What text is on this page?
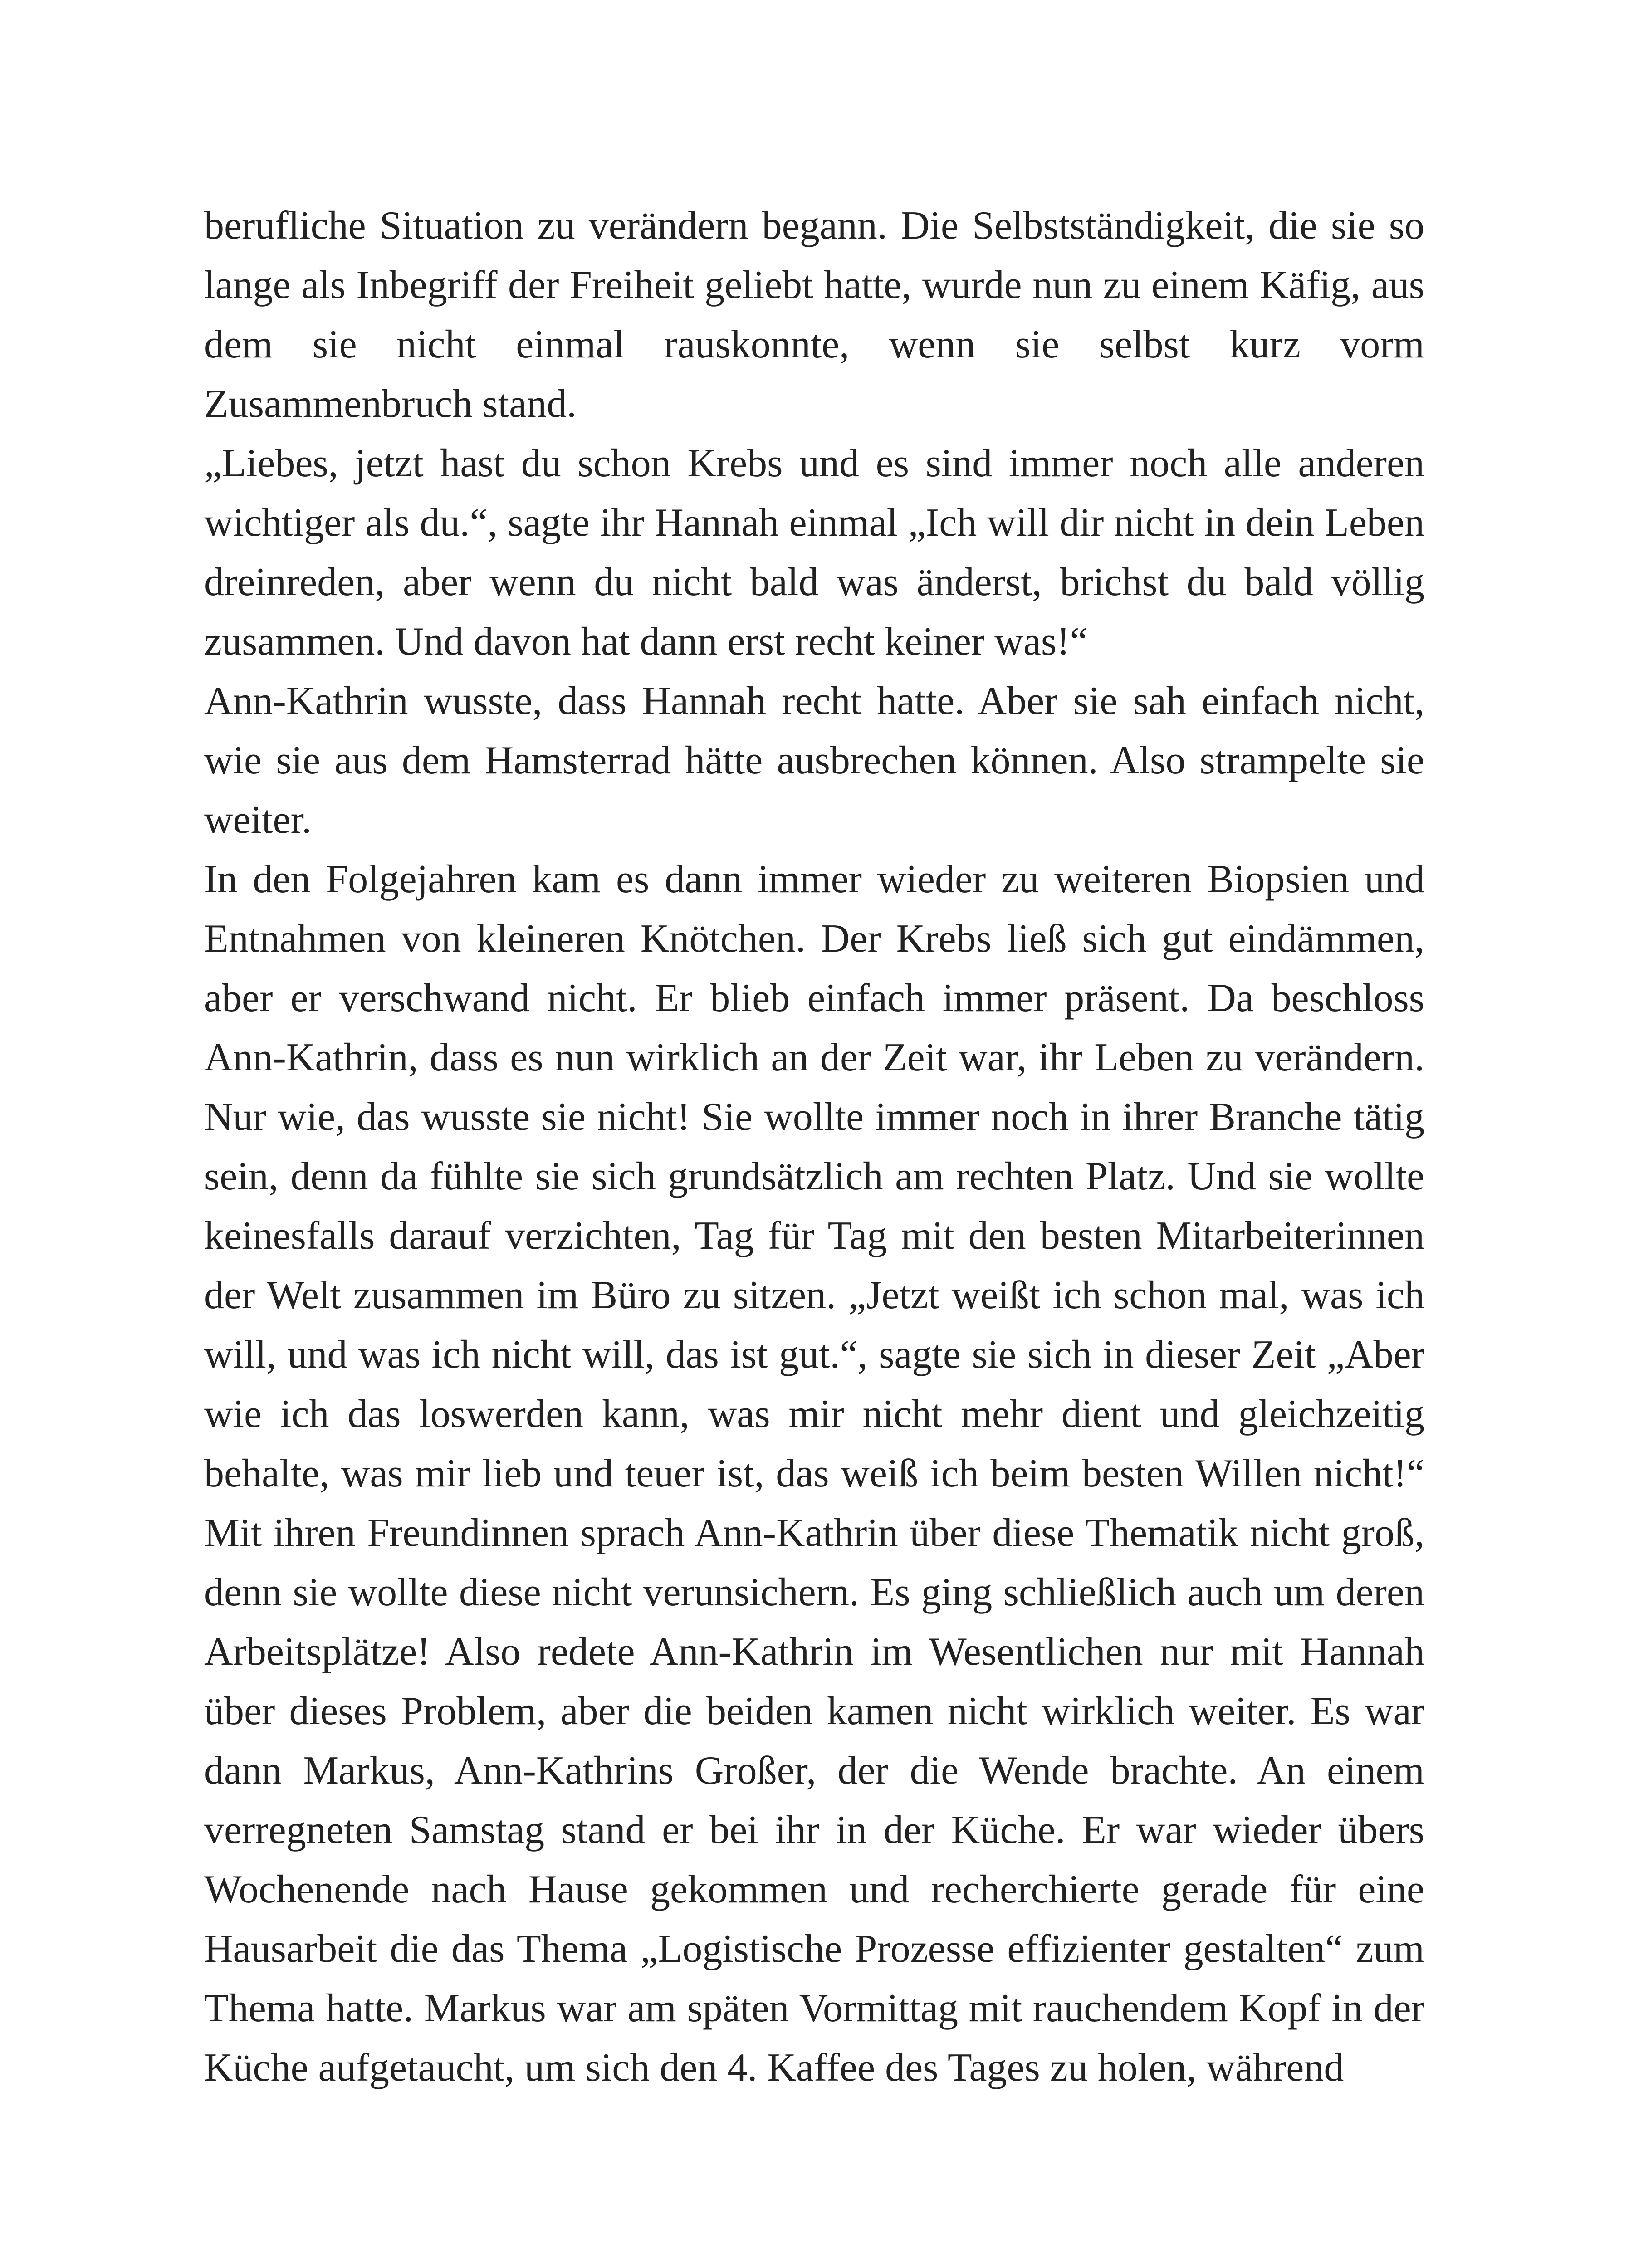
berufliche Situation zu verändern begann. Die Selbstständigkeit, die sie so lange als Inbegriff der Freiheit geliebt hatte, wurde nun zu einem Käfig, aus dem sie nicht einmal rauskonnte, wenn sie selbst kurz vorm Zusammenbruch stand.

„Liebes, jetzt hast du schon Krebs und es sind immer noch alle anderen wichtiger als du.“, sagte ihr Hannah einmal „Ich will dir nicht in dein Leben dreinreden, aber wenn du nicht bald was änderst, brichst du bald völlig zusammen. Und davon hat dann erst recht keiner was!“

Ann-Kathrin wusste, dass Hannah recht hatte. Aber sie sah einfach nicht, wie sie aus dem Hamsterrad hätte ausbrechen können. Also strampelte sie weiter.

In den Folgejahren kam es dann immer wieder zu weiteren Biopsien und Entnahmen von kleineren Knötchen. Der Krebs ließ sich gut eindämmen, aber er verschwand nicht. Er blieb einfach immer präsent. Da beschloss Ann-Kathrin, dass es nun wirklich an der Zeit war, ihr Leben zu verändern. Nur wie, das wusste sie nicht! Sie wollte immer noch in ihrer Branche tätig sein, denn da fühlte sie sich grundsätzlich am rechten Platz. Und sie wollte keinesfalls darauf verzichten, Tag für Tag mit den besten Mitarbeiterinnen der Welt zusammen im Büro zu sitzen. „Jetzt weißt ich schon mal, was ich will, und was ich nicht will, das ist gut.“, sagte sie sich in dieser Zeit „Aber wie ich das loswerden kann, was mir nicht mehr dient und gleichzeitig behalte, was mir lieb und teuer ist, das weiß ich beim besten Willen nicht!“ Mit ihren Freundinnen sprach Ann-Kathrin über diese Thematik nicht groß, denn sie wollte diese nicht verunsichern. Es ging schließlich auch um deren Arbeitsplätze! Also redete Ann-Kathrin im Wesentlichen nur mit Hannah über dieses Problem, aber die beiden kamen nicht wirklich weiter. Es war dann Markus, Ann-Kathrins Großer, der die Wende brachte. An einem verregneten Samstag stand er bei ihr in der Küche. Er war wieder übers Wochenende nach Hause gekommen und recherchierte gerade für eine Hausarbeit die das Thema „Logistische Prozesse effizienter gestalten“ zum Thema hatte. Markus war am späten Vormittag mit rauchendem Kopf in der Küche aufgetaucht, um sich den 4. Kaffee des Tages zu holen, während
